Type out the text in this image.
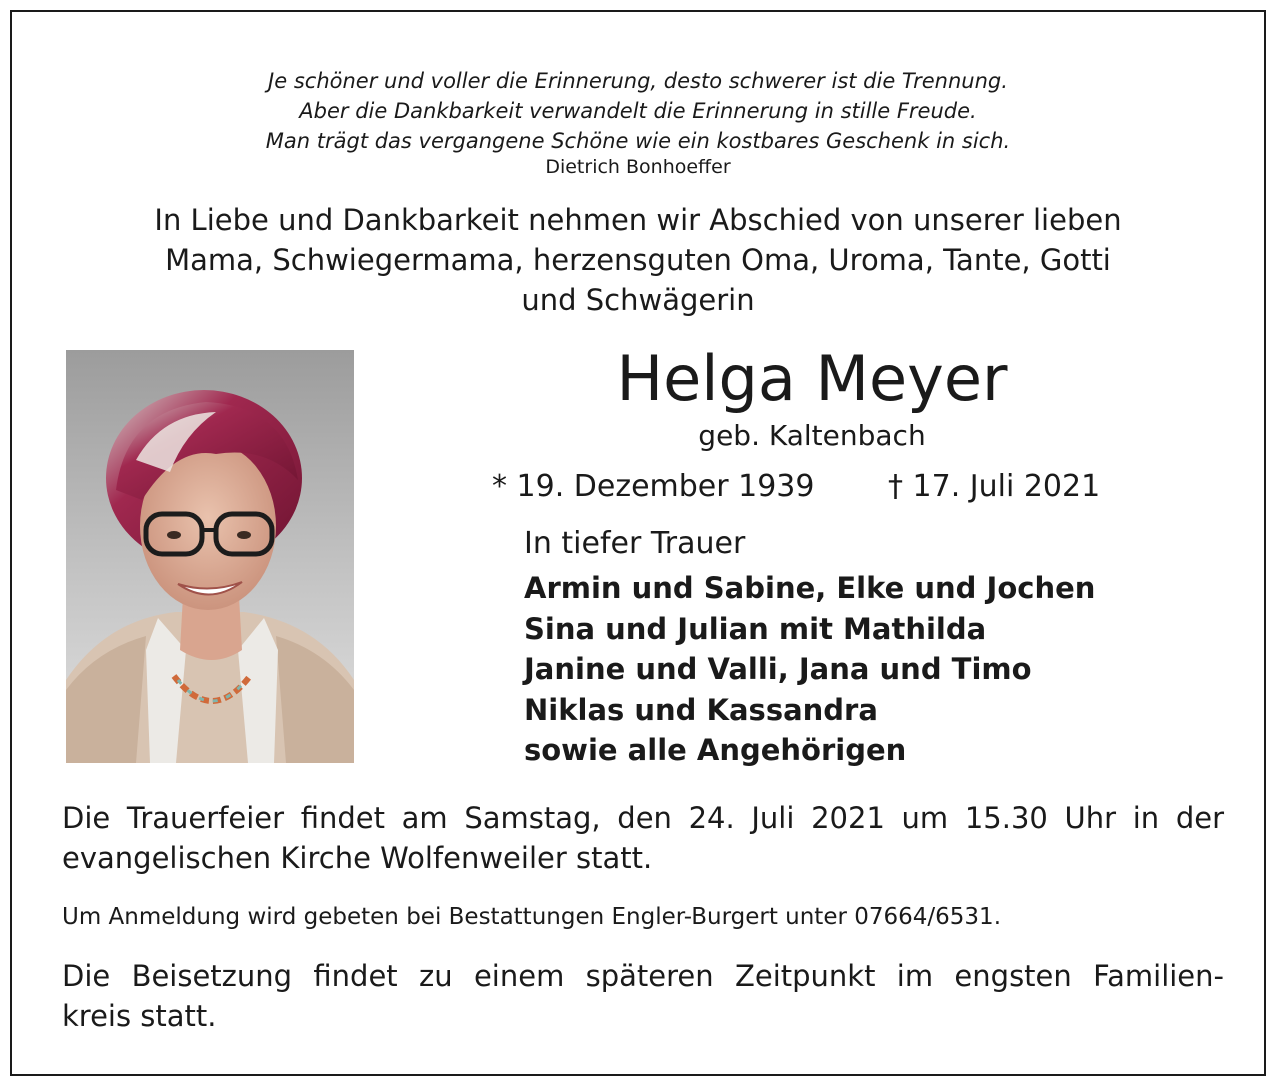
Je schöner und voller die Erinnerung, desto schwerer ist die Trennung.
Aber die Dankbarkeit verwandelt die Erinnerung in stille Freude.
Man trägt das vergangene Schöne wie ein kostbares Geschenk in sich.
Dietrich Bonhoeffer
In Liebe und Dankbarkeit nehmen wir Abschied von unserer lieben
Mama, Schwiegermama, herzensguten Oma, Uroma, Tante, Gotti
und Schwägerin
Helga Meyer
geb. Kaltenbach
* 19. Dezember 1939 † 17. Juli 2021
In tiefer Trauer
Armin und Sabine, Elke und Jochen
Sina und Julian mit Mathilda
Janine und Valli, Jana und Timo
Niklas und Kassandra
sowie alle Angehörigen
Die Trauerfeier findet am Samstag, den 24. Juli 2021 um 15.30 Uhr in der
evangelischen Kirche Wolfenweiler statt.
Um Anmeldung wird gebeten bei Bestattungen Engler-Burgert unter 07664/6531.
Die Beisetzung findet zu einem späteren Zeitpunkt im engsten Familien-
kreis statt.
